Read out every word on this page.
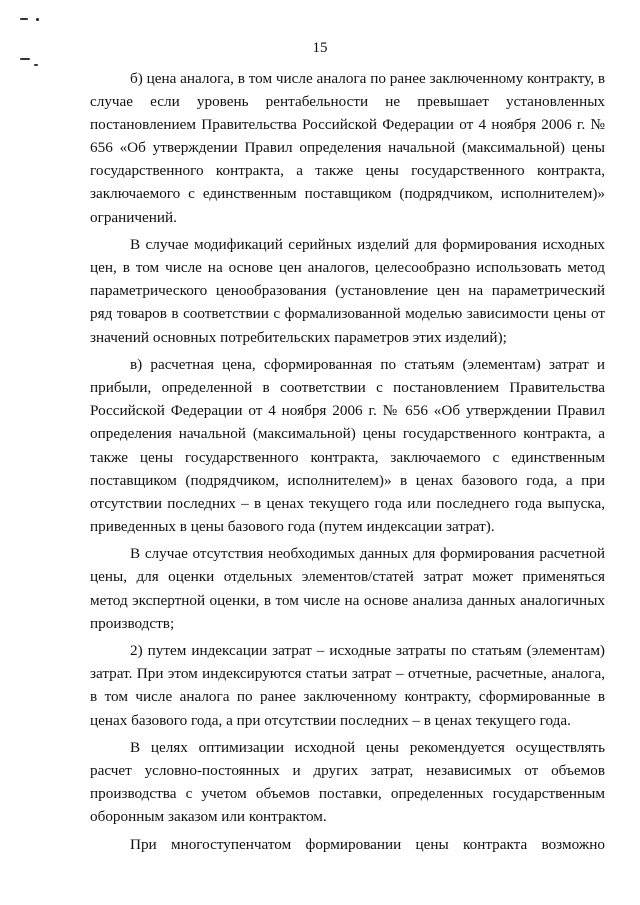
15

б) цена аналога, в том числе аналога по ранее заключенному контракту, в случае если уровень рентабельности не превышает установленных постановлением Правительства Российской Федерации от 4 ноября 2006 г. № 656 «Об утверждении Правил определения начальной (максимальной) цены государственного контракта, а также цены государственного контракта, заключаемого с единственным поставщиком (подрядчиком, исполнителем)» ограничений.

В случае модификаций серийных изделий для формирования исходных цен, в том числе на основе цен аналогов, целесообразно использовать метод параметрического ценообразования (установление цен на параметрический ряд товаров в соответствии с формализованной моделью зависимости цены от значений основных потребительских параметров этих изделий);

в) расчетная цена, сформированная по статьям (элементам) затрат и прибыли, определенной в соответствии с постановлением Правительства Российской Федерации от 4 ноября 2006 г. № 656 «Об утверждении Правил определения начальной (максимальной) цены государственного контракта, а также цены государственного контракта, заключаемого с единственным поставщиком (подрядчиком, исполнителем)» в ценах базового года, а при отсутствии последних – в ценах текущего года или последнего года выпуска, приведенных в цены базового года (путем индексации затрат).

В случае отсутствия необходимых данных для формирования расчетной цены, для оценки отдельных элементов/статей затрат может применяться метод экспертной оценки, в том числе на основе анализа данных аналогичных производств;

2) путем индексации затрат – исходные затраты по статьям (элементам) затрат. При этом индексируются статьи затрат – отчетные, расчетные, аналога, в том числе аналога по ранее заключенному контракту, сформированные в ценах базового года, а при отсутствии последних – в ценах текущего года.

В целях оптимизации исходной цены рекомендуется осуществлять расчет условно-постоянных и других затрат, независимых от объемов производства с учетом объемов поставки, определенных государственным оборонным заказом или контрактом.

При многоступенчатом формировании цены контракта возможно
